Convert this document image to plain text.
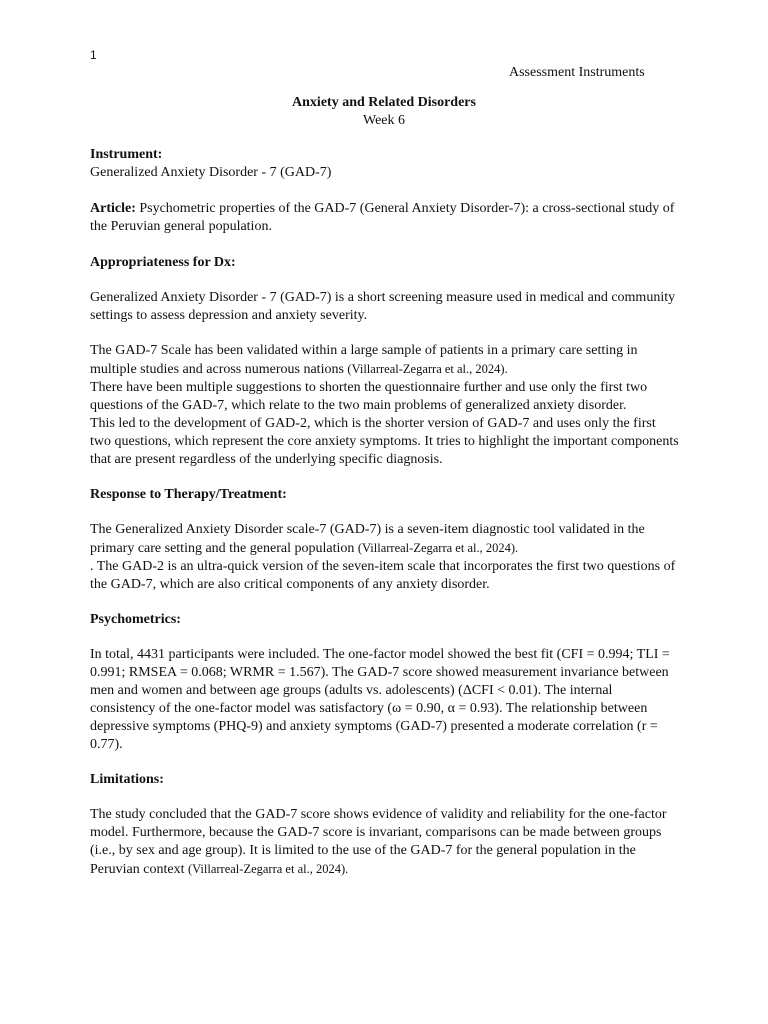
1
Assessment Instruments
Anxiety and Related Disorders
Week 6

Instrument:

Generalized Anxiety Disorder - 7 (GAD-7)

Article: Psychometric properties of the GAD-7 (General Anxiety Disorder-7): a cross-sectional study of the Peruvian general population.

Appropriateness for Dx:

Generalized Anxiety Disorder - 7 (GAD-7) is a short screening measure used in medical and community settings to assess depression and anxiety severity.

The GAD-7 Scale has been validated within a large sample of patients in a primary care setting in multiple studies and across numerous nations (Villarreal-Zegarra et al., 2024).

There have been multiple suggestions to shorten the questionnaire further and use only the first two questions of the GAD-7, which relate to the two main problems of generalized anxiety disorder.

This led to the development of GAD-2, which is the shorter version of GAD-7 and uses only the first two questions, which represent the core anxiety symptoms. It tries to highlight the important components that are present regardless of the underlying specific diagnosis.

Response to Therapy/Treatment:

The Generalized Anxiety Disorder scale-7 (GAD-7) is a seven-item diagnostic tool validated in the primary care setting and the general population (Villarreal-Zegarra et al., 2024).

. The GAD-2 is an ultra-quick version of the seven-item scale that incorporates the first two questions of the GAD-7, which are also critical components of any anxiety disorder.

Psychometrics:

In total, 4431 participants were included. The one-factor model showed the best fit (CFI = 0.994; TLI = 0.991; RMSEA = 0.068; WRMR = 1.567). The GAD-7 score showed measurement invariance between men and women and between age groups (adults vs. adolescents) (ΔCFI < 0.01). The internal consistency of the one-factor model was satisfactory (ω = 0.90, α = 0.93). The relationship between depressive symptoms (PHQ-9) and anxiety symptoms (GAD-7) presented a moderate correlation (r = 0.77).

Limitations:

The study concluded that the GAD-7 score shows evidence of validity and reliability for the one-factor model. Furthermore, because the GAD-7 score is invariant, comparisons can be made between groups (i.e., by sex and age group). It is limited to the use of the GAD-7 for the general population in the Peruvian context (Villarreal-Zegarra et al., 2024).
